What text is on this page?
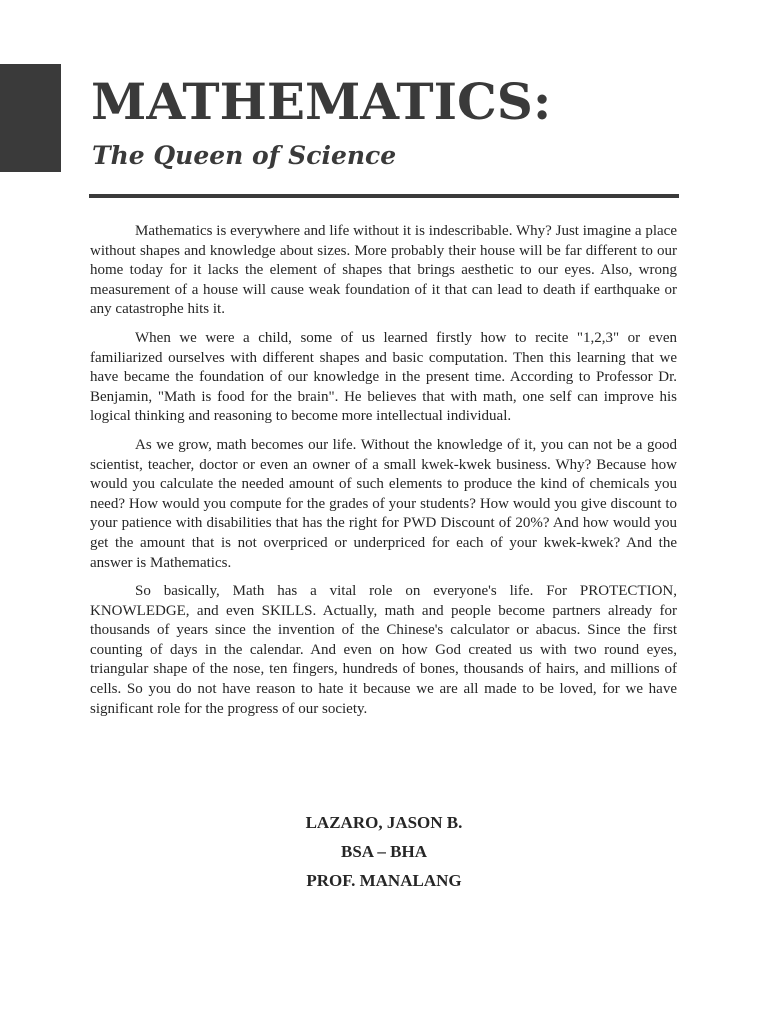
MATHEMATICS:
The Queen of Science

Mathematics is everywhere and life without it is indescribable. Why? Just imagine a place without shapes and knowledge about sizes. More probably their house will be far different to our home today for it lacks the element of shapes that brings aesthetic to our eyes. Also, wrong measurement of a house will cause weak foundation of it that can lead to death if earthquake or any catastrophe hits it.

When we were a child, some of us learned firstly how to recite "1,2,3" or even familiarized ourselves with different shapes and basic computation. Then this learning that we have became the foundation of our knowledge in the present time. According to Professor Dr. Benjamin, "Math is food for the brain". He believes that with math, one self can improve his logical thinking and reasoning to become more intellectual individual.

As we grow, math becomes our life. Without the knowledge of it, you can not be a good scientist, teacher, doctor or even an owner of a small kwek-kwek business. Why? Because how would you calculate the needed amount of such elements to produce the kind of chemicals you need? How would you compute for the grades of your students? How would you give discount to your patience with disabilities that has the right for PWD Discount of 20%? And how would you get the amount that is not overpriced or underpriced for each of your kwek-kwek? And the answer is Mathematics.

So basically, Math has a vital role on everyone's life. For PROTECTION, KNOWLEDGE, and even SKILLS. Actually, math and people become partners already for thousands of years since the invention of the Chinese's calculator or abacus. Since the first counting of days in the calendar. And even on how God created us with two round eyes, triangular shape of the nose, ten fingers, hundreds of bones, thousands of hairs, and millions of cells. So you do not have reason to hate it because we are all made to be loved, for we have significant role for the progress of our society.

LAZARO, JASON B.
BSA – BHA
PROF. MANALANG
